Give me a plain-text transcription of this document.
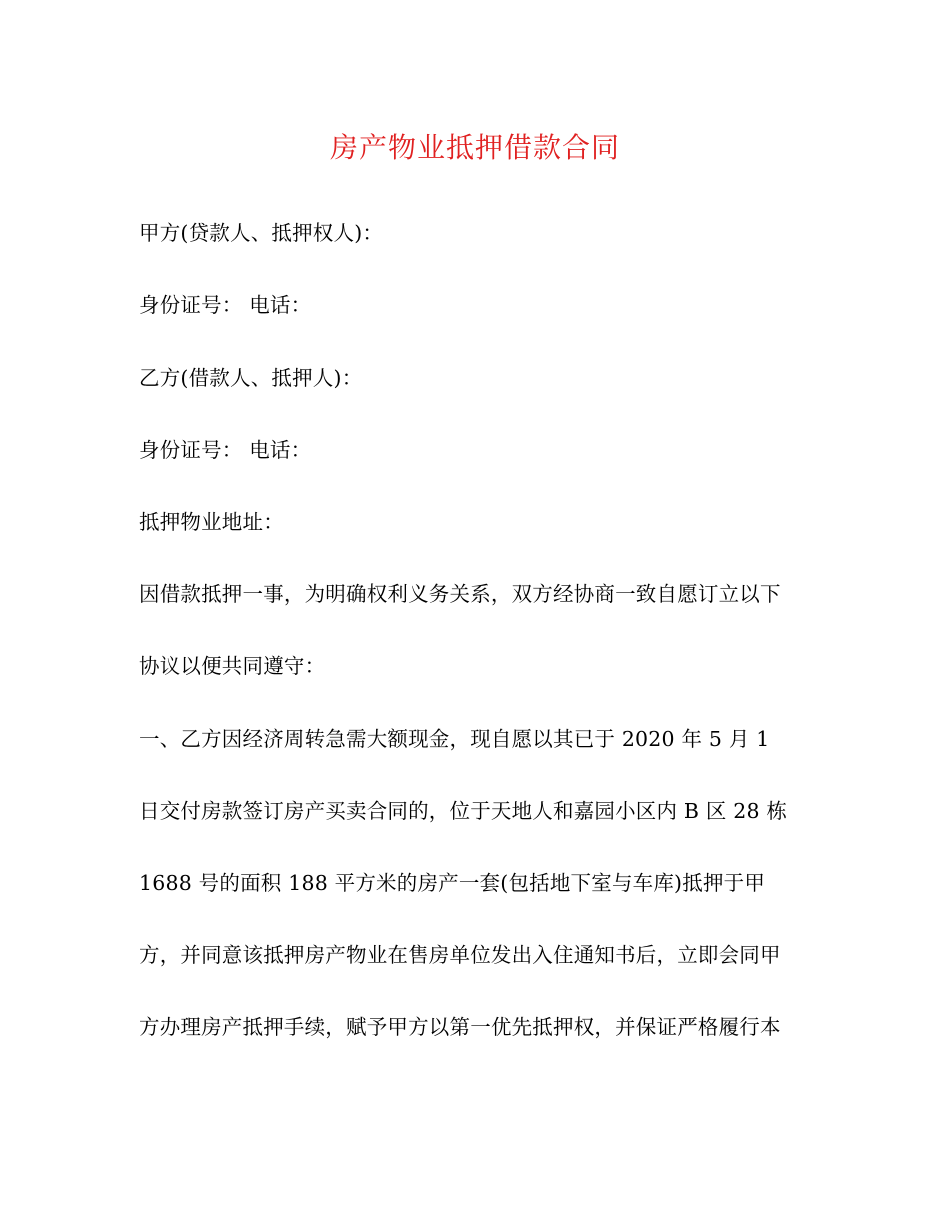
房产物业抵押借款合同
甲方(贷款人、抵押权人)：
身份证号： 电话：
乙方(借款人、抵押人)：
身份证号： 电话：
抵押物业地址：
因借款抵押一事，为明确权利义务关系，双方经协商一致自愿订立以下
协议以便共同遵守：
一、乙方因经济周转急需大额现金，现自愿以其已于 2020 年 5 月 1
日交付房款签订房产买卖合同的，位于天地人和嘉园小区内 B 区 28 栋
1688 号的面积 188 平方米的房产一套(包括地下室与车库)抵押于甲
方，并同意该抵押房产物业在售房单位发出入住通知书后，立即会同甲
方办理房产抵押手续，赋予甲方以第一优先抵押权，并保证严格履行本
